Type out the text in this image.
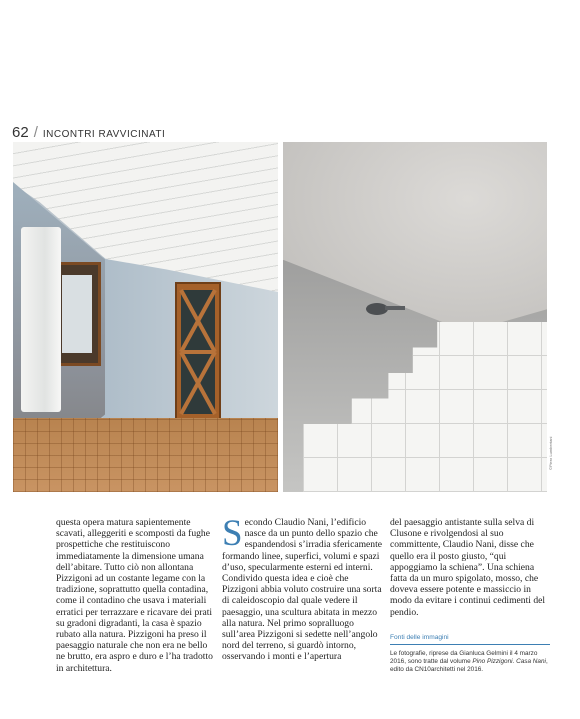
62 / INCONTRI RAVVICINATI
©Piero Lumbertani

questa opera matura sapientemente scavati, alleggeriti e scomposti da fughe prospettiche che restituiscono immediatamente la dimensione umana dell’abitare. Tutto ciò non allontana Pizzigoni ad un costante legame con la tradizione, soprattutto quella contadina, come il contadino che usava i materiali erratici per terrazzare e ricavare dei prati su gradoni digradanti, la casa è spazio rubato alla natura. Pizzigoni ha preso il paesaggio naturale che non era ne bello ne brutto, era aspro e duro e l’ha tradotto in architettura.

S econdo Claudio Nani, l’edificio nasce da un punto dello spazio che espandendosi s’irradia sfericamente formando linee, superfici, volumi e spazi d’uso, specularmente esterni ed interni. Condivido questa idea e cioè che Pizzigoni abbia voluto costruire una sorta di caleidoscopio dal quale vedere il paesaggio, una scultura abitata in mezzo alla natura. Nel primo sopralluogo sull’area Pizzigoni si sedette nell’angolo nord del terreno, si guardò intorno, osservando i monti e l’apertura

del paesaggio antistante sulla selva di Clusone e rivolgendosi al suo committente, Claudio Nani, disse che quello era il posto giusto, “qui appoggiamo la schiena”. Una schiena fatta da un muro spigolato, mosso, che doveva essere potente e massiccio in modo da evitare i continui cedimenti del pendio.

Fonti delle immagini
Le fotografie, riprese da Gianluca Gelmini il 4 marzo 2016, sono tratte dal volume Pino Pizzigoni. Casa Nani, edito da CN10architetti nel 2016.
